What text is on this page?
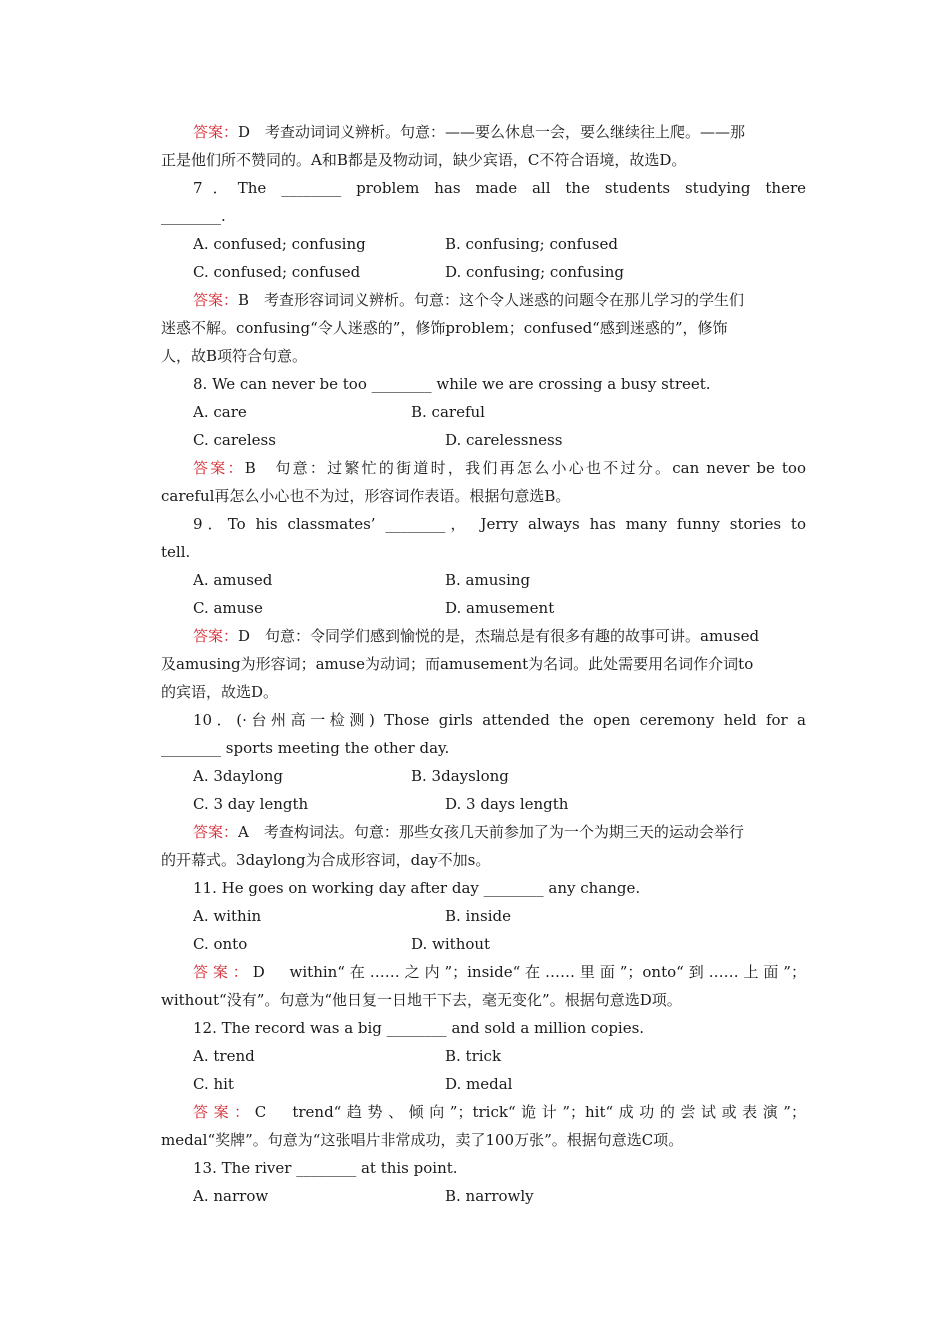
答案：D　考查动词词义辨析。句意：——要么休息一会，要么继续往上爬。——那
正是他们所不赞同的。A和B都是及物动词，缺少宾语，C不符合语境，故选D。
7．The ________ problem has made all the students studying there
________.
A. confused; confusing	B. confusing; confused
C. confused; confused	D. confusing; confusing
答案：B　考查形容词词义辨析。句意：这个令人迷惑的问题令在那儿学习的学生们
迷惑不解。confusing“令人迷惑的”，修饰problem；confused“感到迷惑的”，修饰
人，故B项符合句意。
8. We can never be too ________ while we are crossing a busy street.
A. care	B. careful
C. careless	D. carelessness
答案：B　句意：过繁忙的街道时，我们再怎么小心也不过分。can never be too
careful再怎么小心也不为过，形容词作表语。根据句意选B。
9．To his classmates’ ________， Jerry always has many funny stories to
tell.
A. amused	B. amusing
C. amuse	D. amusement
答案：D　句意：令同学们感到愉悦的是，杰瑞总是有很多有趣的故事可讲。amused
及amusing为形容词；amuse为动词；而amusement为名词。此处需要用名词作介词to
的宾语，故选D。
10．(·台州高一检测) Those girls attended the open ceremony held for a
________ sports meeting the other day.
A. 3daylong	B. 3dayslong
C. 3 day length	D. 3 days length
答案：A　考查构词法。句意：那些女孩几天前参加了为一个为期三天的运动会举行
的开幕式。3daylong为合成形容词，day不加s。
11. He goes on working day after day ________ any change.
A. within	B. inside
C. onto	D. without
答案：D　within“在……之内”；inside“在……里面”；onto“到……上面”；
without“没有”。句意为“他日复一日地干下去，毫无变化”。根据句意选D项。
12. The record was a big ________ and sold a million copies.
A. trend	B. trick
C. hit	D. medal
答案：C　trend“趋势、倾向”；trick“诡计”；hit“成功的尝试或表演”；
medal“奖牌”。句意为“这张唱片非常成功，卖了100万张”。根据句意选C项。
13. The river ________ at this point.
A. narrow	B. narrowly
